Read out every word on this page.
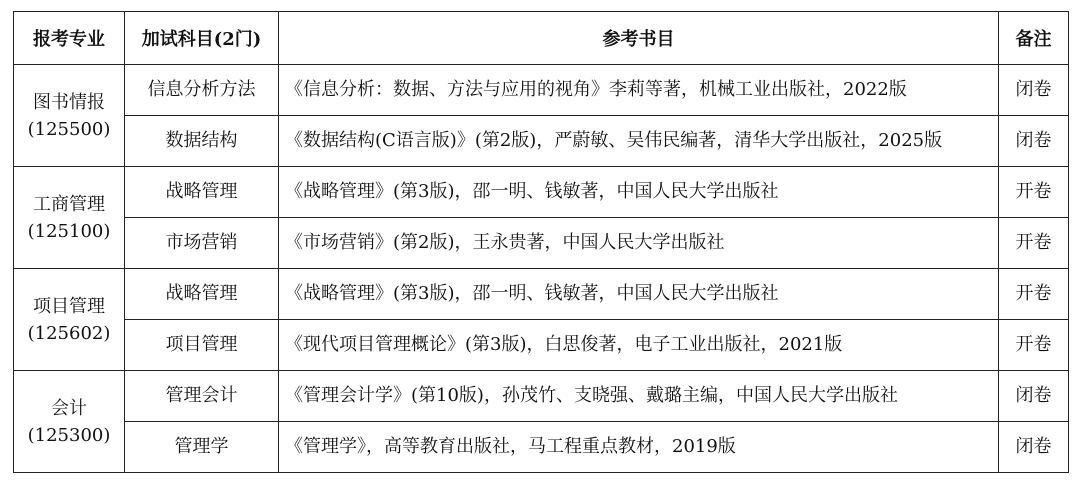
报考专业	加试科目(2门)	参考书目	备注

图书情报
(125500)	信息分析方法	《信息分析：数据、方法与应用的视角》李莉等著，机械工业出版社，2022版	闭卷
	数据结构	《数据结构(C语言版)》(第2版)，严蔚敏、吴伟民编著，清华大学出版社，2025版	闭卷

工商管理
(125100)	战略管理	《战略管理》(第3版)，邵一明、钱敏著，中国人民大学出版社	开卷
	市场营销	《市场营销》(第2版)，王永贵著，中国人民大学出版社	开卷

项目管理
(125602)	战略管理	《战略管理》(第3版)，邵一明、钱敏著，中国人民大学出版社	开卷
	项目管理	《现代项目管理概论》(第3版)，白思俊著，电子工业出版社，2021版	开卷

会计
(125300)	管理会计	《管理会计学》(第10版)，孙茂竹、支晓强、戴璐主编，中国人民大学出版社	闭卷
	管理学	《管理学》，高等教育出版社，马工程重点教材，2019版	闭卷
